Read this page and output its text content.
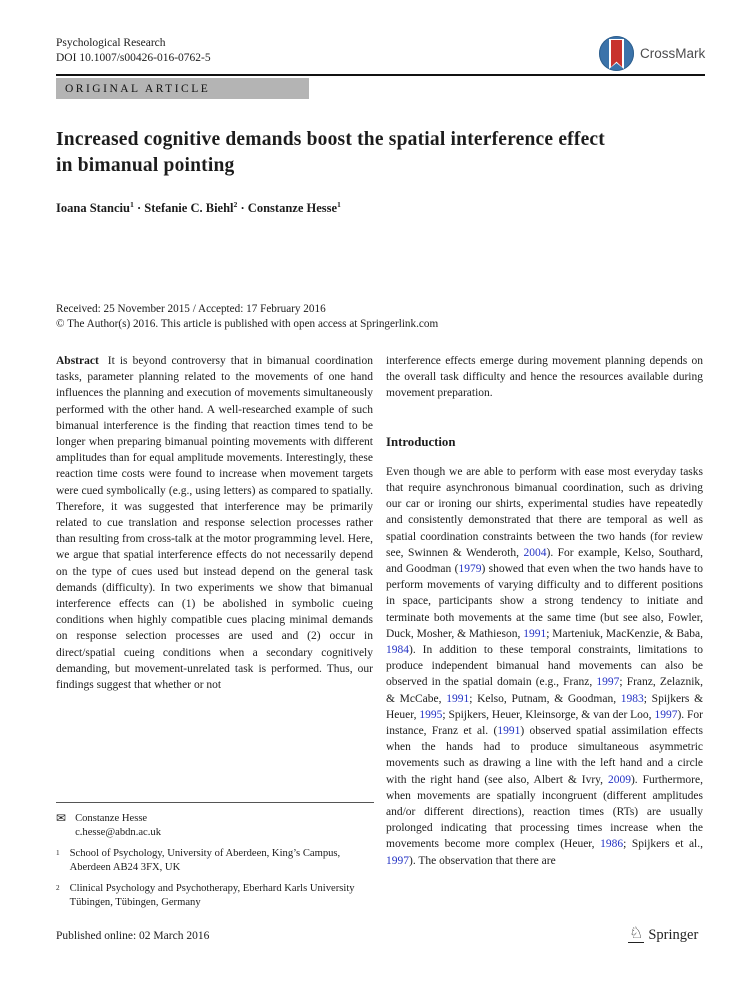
Psychological Research
DOI 10.1007/s00426-016-0762-5	CrossMark
ORIGINAL ARTICLE
Increased cognitive demands boost the spatial interference effect
in bimanual pointing
Ioana Stanciu$^1$ · Stefanie C. Biehl$^2$ · Constanze Hesse$^1$
Received: 25 November 2015 / Accepted: 17 February 2016
© The Author(s) 2016. This article is published with open access at Springerlink.com
Abstract It is beyond controversy that in bimanual coordination tasks, parameter planning related to the movements of one hand influences the planning and execution of movements simultaneously performed with the other hand. A well-researched example of such bimanual interference is the finding that reaction times tend to be longer when preparing bimanual pointing movements with different amplitudes than for equal amplitude movements. Interestingly, these reaction time costs were found to increase when movement targets were cued symbolically (e.g., using letters) as compared to spatially. Therefore, it was suggested that interference may be primarily related to cue translation and response selection processes rather than resulting from cross-talk at the motor programming level. Here, we argue that spatial interference effects do not necessarily depend on the type of cues used but instead depend on the general task demands (difficulty). In two experiments we show that bimanual interference effects can (1) be abolished in symbolic cueing conditions when highly compatible cues placing minimal demands on response selection processes are used and (2) occur in direct/spatial cueing conditions when a secondary cognitively demanding, but movement-unrelated task is performed. Thus, our findings suggest that whether or not
interference effects emerge during movement planning depends on the overall task difficulty and hence the resources available during movement preparation.
Introduction
Even though we are able to perform with ease most everyday tasks that require asynchronous bimanual coordination, such as driving our car or ironing our shirts, experimental studies have repeatedly and consistently demonstrated that there are temporal as well as spatial coordination constraints between the two hands (for review see, Swinnen & Wenderoth, 2004). For example, Kelso, Southard, and Goodman (1979) showed that even when the two hands have to perform movements of varying difficulty and to different positions in space, participants show a strong tendency to initiate and terminate both movements at the same time (but see also, Fowler, Duck, Mosher, & Mathieson, 1991; Marteniuk, MacKenzie, & Baba, 1984). In addition to these temporal constraints, limitations to produce independent bimanual hand movements can also be observed in the spatial domain (e.g., Franz, 1997; Franz, Zelaznik, & McCabe, 1991; Kelso, Putnam, & Goodman, 1983; Spijkers & Heuer, 1995; Spijkers, Heuer, Kleinsorge, & van der Loo, 1997). For instance, Franz et al. (1991) observed spatial assimilation effects when the hands had to produce simultaneous asymmetric movements such as drawing a line with the left hand and a circle with the right hand (see also, Albert & Ivry, 2009). Furthermore, when movements are spatially incongruent (different amplitudes and/or different directions), reaction times (RTs) are usually prolonged indicating that processing times increase when the movements become more complex (Heuer, 1986; Spijkers et al., 1997). The observation that there are
✉ Constanze Hesse
c.hesse@abdn.ac.uk
1 School of Psychology, University of Aberdeen, King’s Campus, Aberdeen AB24 3FX, UK
2 Clinical Psychology and Psychotherapy, Eberhard Karls University Tübingen, Tübingen, Germany
Published online: 02 March 2016	♘ Springer
